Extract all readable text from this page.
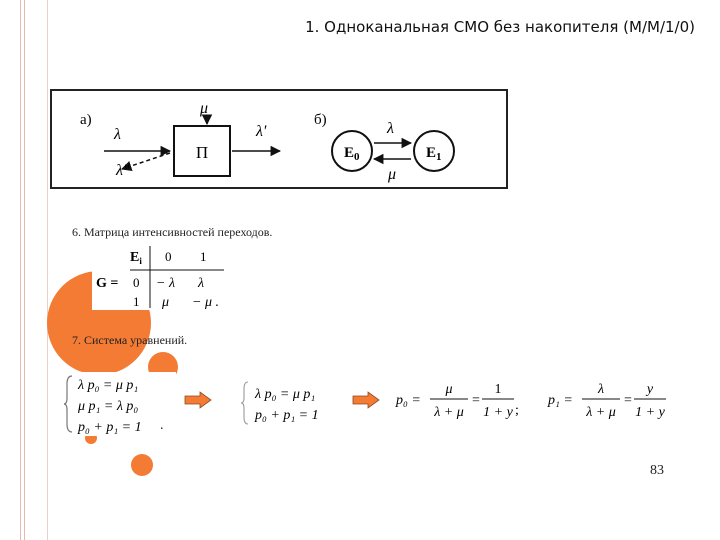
1. Одноканальная СМО без накопителя (M/M/1/0)
а)
μ
λ
П
λ'
λ"
б)
$E_0$	$E_1$
λ
μ
6. Матрица интенсивностей переходов.
$E_i$ 0 1
G = 0
1
− λ λ
μ − μ .
7. Система уравнений.
λ p₀ = μ p₁
μ p₁ = λ p₀
p₀ + p₁ = 1 .
λ p₀ = μ p₁
p₀ + p₁ = 1
p₀ =
μ
λ + μ
=
1
1 + y ;
p₁ =
λ
λ + μ
=
y
1 + y
83
